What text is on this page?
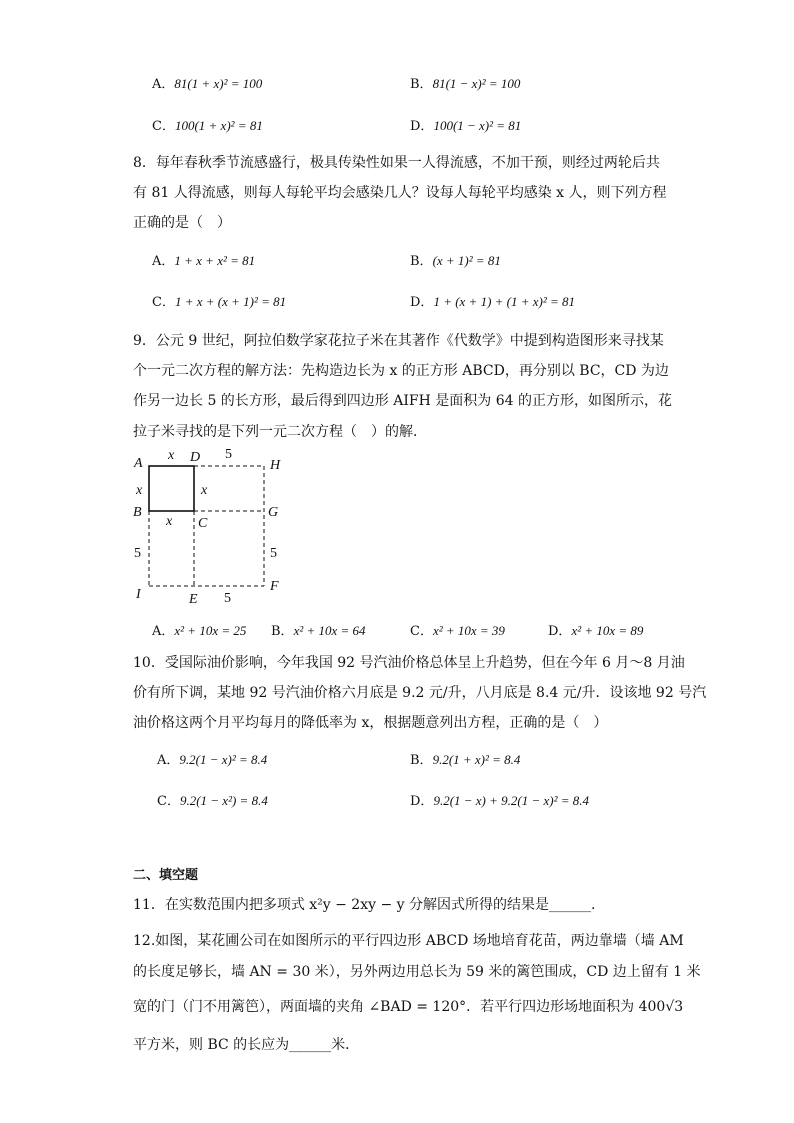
A．81(1 + x)² = 100	B．81(1 − x)² = 100
C．100(1 + x)² = 81	D．100(1 − x)² = 81
8．每年春秋季节流感盛行，极具传染性如果一人得流感，不加干预，则经过两轮后共
有 81 人得流感，则每人每轮平均会感染几人？设每人每轮平均感染 x 人，则下列方程
正确的是（　）
A．1 + x + x² = 81	B．(x + 1)² = 81
C．1 + x + (x + 1)² = 81	D．1 + (x + 1) + (1 + x)² = 81
9．公元 9 世纪，阿拉伯数学家花拉子米在其著作《代数学》中提到构造图形来寻找某
个一元二次方程的解方法：先构造边长为 x 的正方形 ABCD，再分别以 BC，CD 为边
作另一边长 5 的长方形，最后得到四边形 AIFH 是面积为 64 的正方形，如图所示，花
拉子米寻找的是下列一元二次方程（　）的解．
A	D
H
B
C
G
I	E
F
x
x	x
x
5
5	5
5
A．x² + 10x = 25 B．x² + 10x = 64	C．x² + 10x = 39	D．x² + 10x = 89
10．受国际油价影响，今年我国 92 号汽油价格总体呈上升趋势，但在今年 6 月～8 月油
价有所下调，某地 92 号汽油价格六月底是 9.2 元/升，八月底是 8.4 元/升．设该地 92 号汽
油价格这两个月平均每月的降低率为 x，根据题意列出方程，正确的是（　）
A．9.2(1 − x)² = 8.4	B．9.2(1 + x)² = 8.4
C．9.2(1 − x²) = 8.4	D．9.2(1 − x) + 9.2(1 − x)² = 8.4
二、填空题
11．在实数范围内把多项式 x²y − 2xy − y 分解因式所得的结果是______.
12.如图，某花圃公司在如图所示的平行四边形 ABCD 场地培育花苗，两边靠墙（墙 AM
的长度足够长，墙 AN = 30 米），另外两边用总长为 59 米的篱笆围成，CD 边上留有 1 米
宽的门（门不用篱笆），两面墙的夹角 ∠BAD = 120°．若平行四边形场地面积为 400√3
平方米，则 BC 的长应为______米．
